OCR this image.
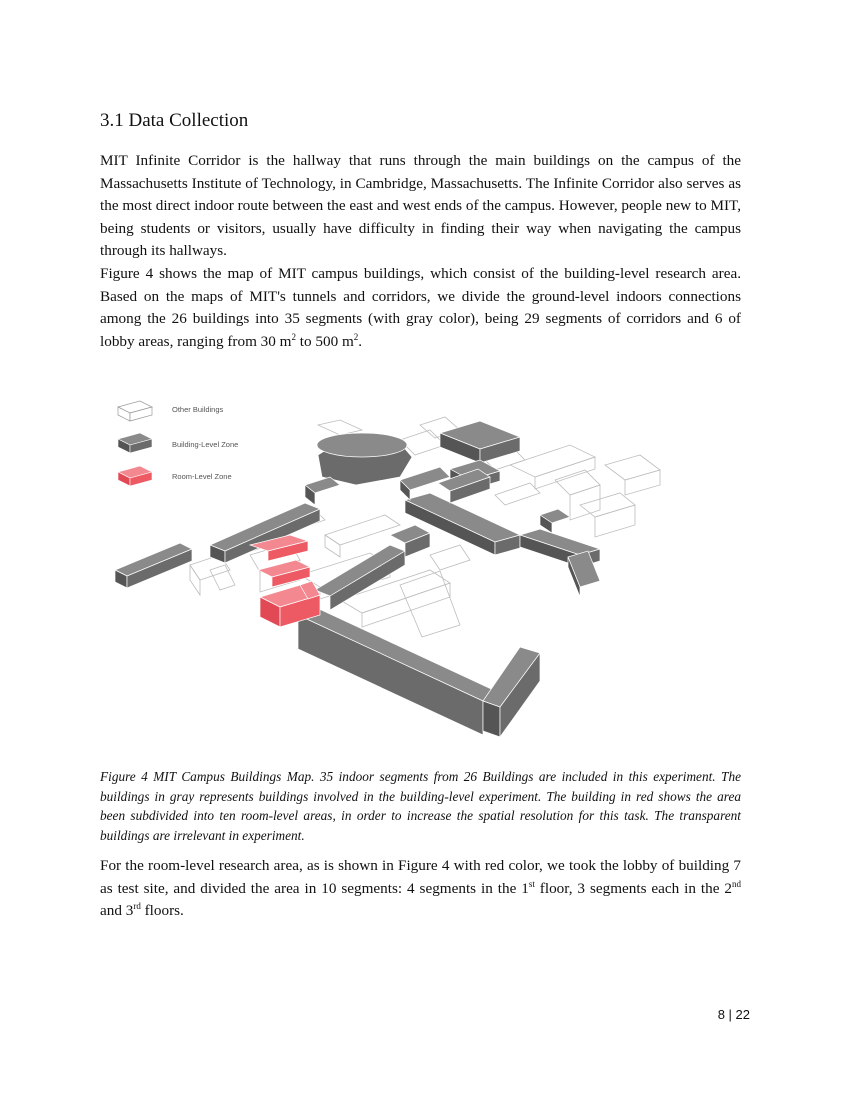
3.1 Data Collection

MIT Infinite Corridor is the hallway that runs through the main buildings on the campus of the Massachusetts Institute of Technology, in Cambridge, Massachusetts. The Infinite Corridor also serves as the most direct indoor route between the east and west ends of the campus. However, people new to MIT, being students or visitors, usually have difficulty in finding their way when navigating the campus through its hallways.

Figure 4 shows the map of MIT campus buildings, which consist of the building-level research area. Based on the maps of MIT's tunnels and corridors, we divide the ground-level indoors connections among the 26 buildings into 35 segments (with gray color), being 29 segments of corridors and 6 of lobby areas, ranging from 30 $m^2$ to 500 $m^2$.

Other Buildings
Building-Level Zone
Room-Level Zone

Figure 4 MIT Campus Buildings Map. 35 indoor segments from 26 Buildings are included in this experiment. The buildings in gray represents buildings involved in the building-level experiment. The building in red shows the area been subdivided into ten room-level areas, in order to increase the spatial resolution for this task. The transparent buildings are irrelevant in experiment.

For the room-level research area, as is shown in Figure 4 with red color, we took the lobby of building 7 as test site, and divided the area in 10 segments: 4 segments in the 1st floor, 3 segments each in the 2nd and 3rd floors.

8 | 22
